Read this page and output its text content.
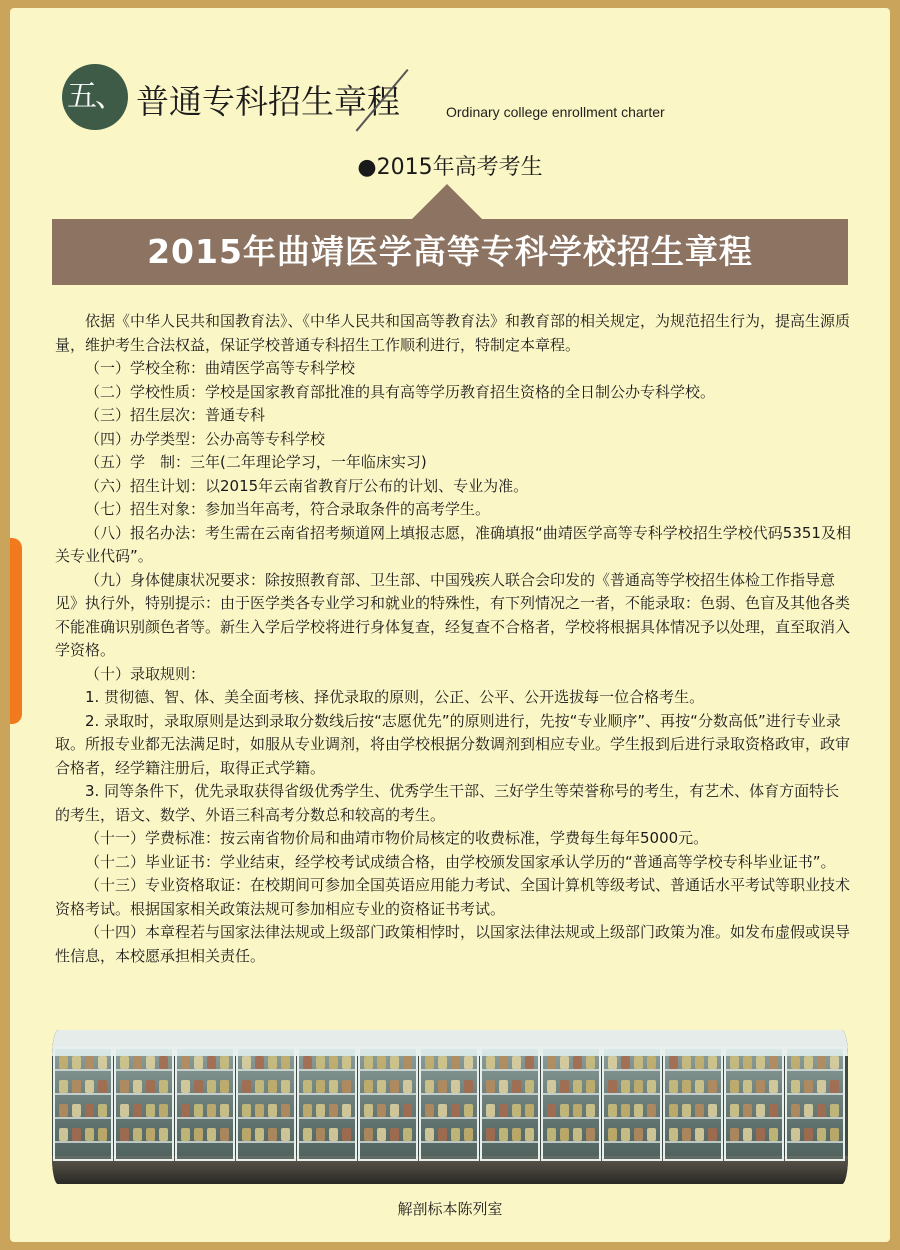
五、 普通专科招生章程	Ordinary college enrollment charter
●2015年高考考生
2015年曲靖医学高等专科学校招生章程

依据《中华人民共和国教育法》、《中华人民共和国高等教育法》和教育部的相关规定，为规范招生行为，提高生源质量，维护考生合法权益，保证学校普通专科招生工作顺利进行，特制定本章程。

（一）学校全称：曲靖医学高等专科学校

（二）学校性质：学校是国家教育部批准的具有高等学历教育招生资格的全日制公办专科学校。

（三）招生层次：普通专科

（四）办学类型：公办高等专科学校

（五）学　制：三年(二年理论学习，一年临床实习)

（六）招生计划：以2015年云南省教育厅公布的计划、专业为准。

（七）招生对象：参加当年高考，符合录取条件的高考学生。

（八）报名办法：考生需在云南省招考频道网上填报志愿，准确填报“曲靖医学高等专科学校招生学校代码5351及相关专业代码”。

（九）身体健康状况要求：除按照教育部、卫生部、中国残疾人联合会印发的《普通高等学校招生体检工作指导意见》执行外，特别提示：由于医学类各专业学习和就业的特殊性，有下列情况之一者，不能录取：色弱、色盲及其他各类不能准确识别颜色者等。新生入学后学校将进行身体复查，经复查不合格者，学校将根据具体情况予以处理，直至取消入学资格。

（十）录取规则：

1. 贯彻德、智、体、美全面考核、择优录取的原则，公正、公平、公开选拔每一位合格考生。

2. 录取时，录取原则是达到录取分数线后按“志愿优先”的原则进行，先按“专业顺序”、再按“分数高低”进行专业录取。所报专业都无法满足时，如服从专业调剂，将由学校根据分数调剂到相应专业。学生报到后进行录取资格政审，政审合格者，经学籍注册后，取得正式学籍。

3. 同等条件下，优先录取获得省级优秀学生、优秀学生干部、三好学生等荣誉称号的考生，有艺术、体育方面特长的考生，语文、数学、外语三科高考分数总和较高的考生。

（十一）学费标准：按云南省物价局和曲靖市物价局核定的收费标准，学费每生每年5000元。

（十二）毕业证书：学业结束，经学校考试成绩合格，由学校颁发国家承认学历的“普通高等学校专科毕业证书”。

（十三）专业资格取证：在校期间可参加全国英语应用能力考试、全国计算机等级考试、普通话水平考试等职业技术资格考试。根据国家相关政策法规可参加相应专业的资格证书考试。

（十四）本章程若与国家法律法规或上级部门政策相悖时，以国家法律法规或上级部门政策为准。如发布虚假或误导性信息，本校愿承担相关责任。

解剖标本陈列室
